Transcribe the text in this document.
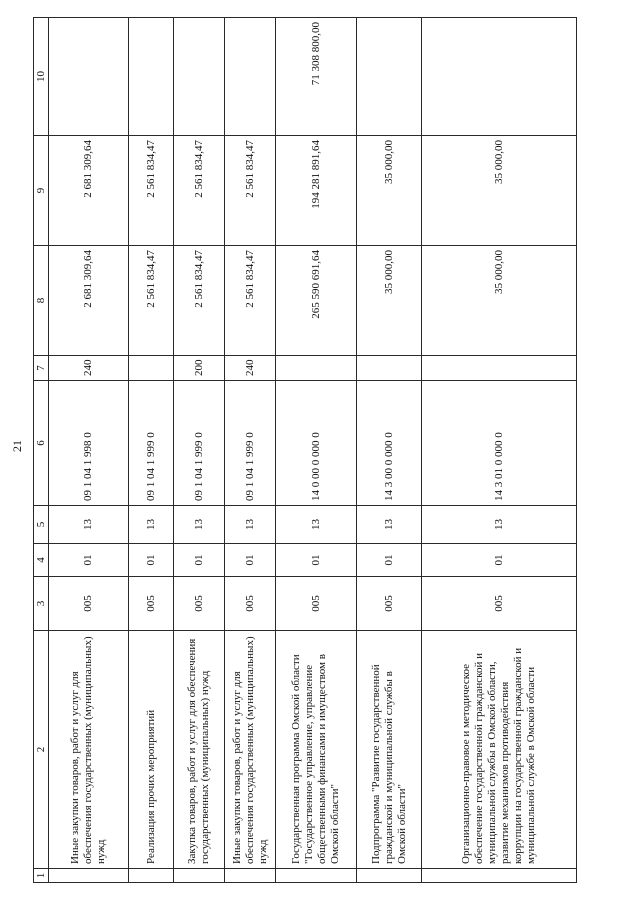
21
1	2	3	4	5	6	7	8	9	10
	Иные закупки товаров, работ и услуг для обеспечения государственных (муниципальных) нужд	005	01	13	09 1 04 1 998 0	240	2 681 309,64	2 681 309,64	
	Реализация прочих мероприятий	005	01	13	09 1 04 1 999 0		2 561 834,47	2 561 834,47	
	Закупка товаров, работ и услуг для обеспечения государственных (муниципальных) нужд	005	01	13	09 1 04 1 999 0	200	2 561 834,47	2 561 834,47	
	Иные закупки товаров, работ и услуг для обеспечения государственных (муниципальных) нужд	005	01	13	09 1 04 1 999 0	240	2 561 834,47	2 561 834,47	
	Государственная программа Омской области "Государственное управление, управление общественными финансами и имуществом в Омской области"	005	01	13	14 0 00 0 000 0		265 590 691,64	194 281 891,64	71 308 800,00
	Подпрограмма "Развитие государственной гражданской и муниципальной службы в Омской области"	005	01	13	14 3 00 0 000 0		35 000,00	35 000,00	
	Организационно-правовое и методическое обеспечение государственной гражданской и муниципальной службы в Омской области, развитие механизмов противодействия коррупции на государственной гражданской и муниципальной службе в Омской области	005	01	13	14 3 01 0 000 0		35 000,00	35 000,00	
